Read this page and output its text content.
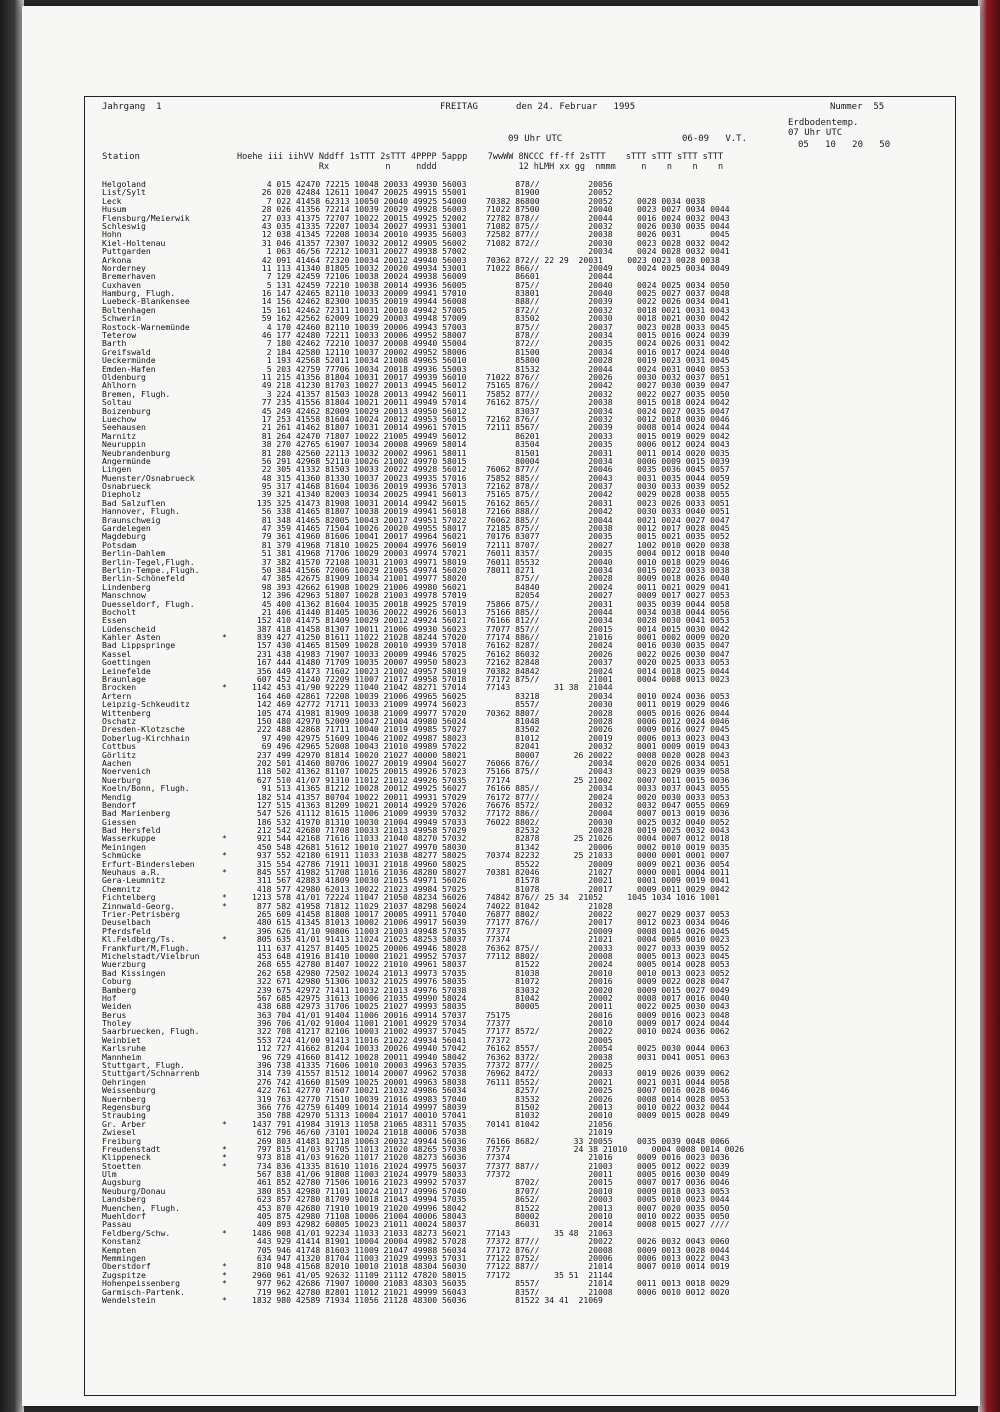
Jahrgang  1	FREITAG	den 24. Februar   1995	Nummer  55
Erdbodentemp.
07 Uhr UTC
09 Uhr UTC	06-09   V.T.
05   10   20   50
Station	Hoehe iii iihVV Nddff 1sTTT 2sTTT 4PPPP 5appp    7wwWW 8NCCC ff-ff 2sTTT    sTTT sTTT sTTT sTTT
Rx           n     nddd                12 hLMH xx gg  nmmm     n    n    n    n
Helgoland	4 015 42470 72215 10048 20033 49930 56003          878//          20056
List/Sylt	26 020 42484 12611 10047 20025 49915 55001          81900          20052
Leck	7 022 41458 62313 10050 20040 49925 54000    70382 86800          20052     0028 0034 0038
Husum	28 026 41356 72214 10039 20029 49928 56003    71022 87500          20040     0023 0027 0034 0044
Flensburg/Meierwik	27 033 41375 72707 10022 20015 49925 52002    72782 878//          20044     0016 0024 0032 0043
Schleswig	43 035 41335 72207 10034 20027 49931 53001    71082 875//          20032     0026 0030 0035 0044
Hohn	12 038 41345 72208 10034 20010 49935 56003    72582 877//          20038     0026 0031      0045
Kiel-Holtenau	31 046 41357 72307 10032 20012 49905 56002    71082 872//          20030     0023 0028 0032 0042
Puttgarden	1 063 46/56 72212 10031 20027 49938 57002                         20034     0024 0028 0032 0041
Arkona	42 091 41464 72320 10034 20012 49940 56003    70362 872// 22 29  20031     0023 0023 0028 0038
Norderney	11 113 41340 81805 10032 20020 49934 53001    71022 866//          20049     0024 0025 0034 0049
Bremerhaven	7 129 42459 72106 10038 20024 49938 56009          86601          20044
Cuxhaven	5 131 42459 72210 10038 20014 49936 56005          875//          20040     0024 0025 0034 0050
Hamburg, Flugh.	16 147 42465 82110 10033 20009 49941 57010          83801          20040     0025 0027 0037 0048
Luebeck-Blankensee	14 156 42462 82300 10035 20019 49944 56008          888//          20039     0022 0026 0034 0041
Boltenhagen	15 161 42462 72311 10031 20010 49942 57005          872//          20032     0018 0021 0031 0043
Schwerin	59 162 42562 62009 10029 20003 49948 57009          83502          20030     0018 0021 0030 0042
Rostock-Warnemünde	4 170 42460 82110 10039 20006 49943 57003          875//          20037     0023 0028 0033 0045
Teterow	46 177 42480 72211 10033 20006 49952 58007          878//          20034     0015 0016 0024 0039
Barth	7 180 42462 72210 10037 20008 49940 55004          872//          20035     0024 0026 0031 0042
Greifswald	2 184 42580 12110 10037 20002 49952 58006          81500          20034     0016 0017 0024 0040
Ueckermünde	1 193 42568 52011 10034 21008 49965 56010          85800          20028     0019 0023 0031 0045
Emden-Hafen	5 203 42759 77706 10034 20018 49936 55003          81532          20044     0024 0031 0040 0053
Oldenburg	11 215 41356 81804 10031 20017 49939 56010    71022 876//          20026     0030 0032 0037 0051
Ahlhorn	49 218 41230 81703 10027 20013 49945 56012    75165 876//          20042     0027 0030 0039 0047
Bremen, Flugh.	3 224 41357 81503 10028 20013 49942 56011    75852 877//          20032     0022 0027 0035 0050
Soltau	77 235 41556 81804 10021 20011 49949 57014    76162 875//          20038     0015 0018 0024 0042
Boizenburg	45 249 42462 82009 10029 20013 49950 56012          83037          20034     0024 0027 0035 0047
Luechow	17 253 41558 81604 10024 20012 49953 56015    72162 876//          20032     0012 0018 0030 0046
Seehausen	21 261 41462 81807 10031 20014 49961 57015    72111 8567/          20039     0008 0014 0024 0044
Marnitz	81 264 42470 71807 10022 21005 49949 56012          86201          20033     0015 0019 0029 0042
Neuruppin	38 270 42765 61907 10034 20008 49969 58014          83504          20035     0006 0012 0024 0043
Neubrandenburg	81 280 42560 22113 10032 20002 49961 58011          81501          20031     0011 0014 0020 0035
Angermünde	56 291 42968 52110 10026 21002 49970 58015          80004          20034     0006 0009 0015 0039
Lingen	22 305 41332 81503 10033 20022 49928 56012    76062 877//          20046     0035 0036 0045 0057
Muenster/Osnabrueck	48 315 41360 81330 10037 20023 49935 57016    75852 885//          20043     0031 0035 0044 0059
Osnabrueck	95 317 41468 81604 10036 20019 49936 57013    72162 878//          20037     0030 0033 0039 0052
Diepholz	39 321 41340 82003 10034 20025 49941 56013    75165 875//          20042     0029 0028 0038 0055
Bad Salzuflen	135 325 41473 81908 10031 20014 49942 56015    76162 865//          20031     0023 0026 0033 0051
Hannover, Flugh.	56 338 41465 81807 10038 20019 49941 56018    72166 888//          20042     0030 0033 0040 0051
Braunschweig	81 348 41465 82005 10043 20017 49951 57022    76062 885//          20044     0021 0024 0027 0047
Gardelegen	47 359 41465 71504 10026 20020 49955 58017    72185 875//          20038     0012 0017 0028 0045
Magdeburg	79 361 41960 81606 10041 20017 49964 56021    70176 83077          20035     0015 0021 0035 0052
Potsdam	81 379 41968 71810 10025 20004 49976 56019    72111 8707/          20027     1002 0010 0020 0038
Berlin-Dahlem	51 381 41968 71706 10029 20003 49974 57021    76011 8357/          20035     0004 0012 0018 0040
Berlin-Tegel,Flugh.	37 382 41570 72108 10031 21003 49971 58019    76011 85532          20040     0010 0018 0029 0046
Berlin-Tempe.,Flugh.	50 384 41566 72006 10029 21005 49974 56020    78011 8271           20034     0015 0022 0033 0038
Berlin-Schönefeld	47 385 42675 81909 10034 21001 49977 58020          875//          20028     0009 0018 0026 0040
Lindenberg	98 393 42662 61908 10029 21006 49980 56021          84840          20024     0011 0021 0029 0041
Manschnow	12 396 42963 51807 10028 21003 49978 57019          82054          20027     0009 0017 0027 0053
Duesseldorf, Flugh.	45 400 41362 81604 10035 20018 49925 57019    75866 875//          20031     0035 0039 0044 0058
Bocholt	21 406 41440 81405 10036 20022 49926 56013    75166 885//          20044     0034 0038 0044 0056
Essen	152 410 41475 81409 10029 20012 49924 56021    76166 812//          20034     0028 0030 0041 0053
Lüdenscheid	387 418 41458 81307 10011 21006 49930 56023    77077 857//          20015     0014 0015 0030 0042
Kahler Asten	*	839 427 41250 81611 11022 21028 48244 57020    77174 886//          21016     0001 0002 0009 0020
Bad Lippspringe	157 430 41465 81509 10028 20010 49939 57018    76162 8287/          20024     0016 0030 0035 0047
Kassel	231 438 41983 71907 10033 20009 49946 57025    76162 86032          20026     0022 0026 0030 0047
Goettingen	167 444 41480 71709 10035 20007 49950 58023    72162 82848          20037     0020 0025 0033 0053
Leinefelde	356 449 41473 71602 10023 21002 49957 58019    70382 84842          20024     0014 0018 0025 0044
Braunlage	607 452 41240 72209 11007 21017 49958 57018    77172 875//          21001     0004 0008 0013 0023
Brocken	*	1142 453 41/90 92229 11040 21042 48271 57014    77143         31 38  21044
Artern	164 460 42861 72208 10039 21006 49965 56025          83218          20034     0010 0024 0036 0053
Leipzig-Schkeuditz	142 469 42772 71711 10033 21009 49974 56023          8557/          20030     0011 0019 0029 0046
Wittenberg	105 474 41981 81909 10038 21009 49977 57020    70362 8807/          20028     0005 0016 0026 0044
Oschatz	150 480 42970 52009 10047 21004 49980 56024          81048          20028     0006 0012 0024 0046
Dresden-Klotzsche	222 488 42868 71711 10040 21019 49985 57027          83502          20026     0009 0016 0027 0045
Doberlug-Kirchhain	97 490 42975 51609 10046 21002 49987 58023          81012          20019     0006 0013 0023 0043
Cottbus	69 496 42965 52008 10043 21010 49989 57022          82041          20032     0001 0009 0019 0043
Görlitz	237 499 42970 81814 10020 21027 40000 58021          80007       26 20022     0008 0020 0028 0043
Aachen	202 501 41460 80706 10027 20019 49904 56027    76066 876//          20034     0020 0026 0034 0051
Noervenich	118 502 41362 81107 10025 20015 49926 57023    75166 875//          20043     0023 0029 0039 0058
Nuerburg	627 510 41/07 91310 11012 21012 49926 57035    77174             25 21002     0007 0011 0015 0036
Koeln/Bonn, Flugh.	91 513 41365 81212 10028 20012 49925 56027    76166 885//          20034     0033 0037 0043 0055
Mendig	182 514 41357 80704 10022 20011 49931 57029    76172 877//          20024     0020 0030 0033 0053
Bendorf	127 515 41363 81209 10021 20014 49929 57026    76676 8572/          20032     0032 0047 0055 0069
Bad Marienberg	547 526 41112 81615 11006 21009 49939 57032    77172 886//          20004     0007 0013 0019 0036
Giessen	186 532 41970 81310 10030 21004 49949 57033    76022 8802/          20030     0025 0032 0040 0052
Bad Hersfeld	212 542 42680 71708 10033 21013 49958 57029          82532          20028     0019 0025 0032 0043
Wasserkuppe	*	921 544 42168 71616 11033 21040 48270 57032          82878       25 21026     0004 0007 0012 0018
Meiningen	450 548 42681 51612 10010 21027 49970 58030          81342          20006     0002 0010 0019 0035
Schmücke	*	937 552 42180 61911 11033 21038 48277 58025    70374 82232       25 21033     0000 0001 0001 0007
Erfurt-Bindersleben	315 554 42786 71911 10031 21018 49960 58025          85522          20009     0009 0021 0036 0054
Neuhaus a.R.	*	845 557 41982 51708 11016 21036 48280 58027    70381 82046          21027     0000 0001 0004 0011
Gera-Leumnitz	311 567 42883 41809 10030 21015 49971 56026          81578          20021     0001 0009 0019 0041
Chemnitz	418 577 42980 62013 10022 21023 49984 57025          81078          20017     0009 0011 0029 0042
Fichtelberg	*	1213 578 41/01 72224 11047 21050 48234 56026    74842 876// 25 34  21052     1045 1034 1016 1001
Zinnwald-Georg.	*	877 582 41958 71812 11029 21037 48298 56024    74022 81042          21028
Trier-Petrisberg	265 609 41458 81808 10017 20005 49911 57040    76877 8802/          20022     0027 0029 0037 0053
Deuselbach	480 615 41345 81013 10002 21006 49917 56039    77177 876//          20017     0012 0023 0034 0046
Pferdsfeld	396 626 41/10 90806 11003 21003 49948 57035    77377                20009     0008 0014 0026 0045
Kl.Feldberg/Ts.	*	805 635 41/01 91413 11024 21025 48253 58037    77374                21021     0004 0005 0010 0023
Frankfurt/M,Flugh.	111 637 41257 81405 10025 20006 49946 58028    76362 875//          20033     0027 0033 0039 0052
Michelstadt/Vielbrun	453 648 41916 81410 10000 21021 49952 57037    77112 8802/          20008     0005 0013 0023 0045
Wuerzburg	268 655 42780 81407 10022 21010 49961 58037          81522          20024     0005 0014 0028 0053
Bad Kissingen	262 658 42980 72502 10024 21013 49973 57035          81038          20010     0010 0013 0023 0052
Coburg	322 671 42980 51306 10032 21025 49976 58035          81072          20016     0009 0022 0028 0047
Bamberg	239 675 42972 71411 10032 21013 49976 57038          83032          20020     0009 0015 0027 0049
Hof	567 685 42975 31613 10006 21035 49990 58024          81042          20002     0008 0017 0016 0040
Weiden	438 688 42973 31706 10025 21027 49993 58035          80005          20011     0022 0025 0030 0043
Berus	363 704 41/01 91404 11006 20016 49914 57037    75175                20016     0009 0016 0023 0048
Tholey	396 706 41/02 91004 11001 21001 49929 57034    77377                20010     0009 0017 0024 0044
Saarbruecken, Flugh.	322 708 41217 82106 10003 21002 49937 57045    77177 8572/          20022     0010 0024 0036 0062
Weinbiet	553 724 41/00 91413 11016 21022 49934 56041    77372                20005
Karlsruhe	112 727 41662 81204 10033 20026 49940 57042    76162 8557/          20054     0025 0030 0044 0063
Mannheim	96 729 41660 81412 10028 20011 49940 58042    76362 8372/          20038     0031 0041 0051 0063
Stuttgart, Flugh.	396 738 41335 71606 10010 20003 49963 57035    77372 877//          20025
Stuttgart/Schnarrenb	314 739 41557 81512 10014 20007 49962 57038    76962 8472/          20033     0019 0026 0039 0062
Oehringen	276 742 41660 81509 10025 20001 49963 58038    76111 8552/          20021     0021 0031 0044 0058
Weissenburg	422 761 42770 71607 10021 21032 49986 56034          8257/          20025     0007 0016 0028 0046
Nuernberg	319 763 42770 71510 10039 21016 49983 57040          83532          20026     0008 0014 0028 0053
Regensburg	366 776 42759 61409 10014 21014 49997 58039          81502          20013     0010 0022 0032 0044
Straubing	350 788 42970 51313 10004 21017 40010 57041          81032          20010     0009 0015 0028 0049
Gr. Arber	*	1437 791 41984 31913 11058 21065 48311 57035    70141 81042          21056
Zwiesel	612 796 46/60 /3101 10024 21018 40006 57038                         21019
Freiburg	269 803 41481 82118 10063 20032 49944 56036    76166 8682/       33 20055     0035 0039 0048 0066
Freudenstadt	*	797 815 41/03 91705 11013 21020 48265 57038    77577             24 38 21010     0004 0008 0014 0026
Klippeneck	*	973 818 41/03 91620 11017 21020 48273 56036    77374                21016     0009 0016 0023 0036
Stoetten	*	734 836 41335 81610 11016 21024 49975 56037    77377 887//          21003     0005 0012 0022 0039
Ulm	567 838 41/06 91808 11003 21024 49979 58033    77372                20011     0005 0016 0030 0049
Augsburg	461 852 42780 71506 10016 21023 49992 57037          8702/          20015     0007 0017 0036 0046
Neuburg/Donau	380 853 42980 71101 10024 21017 49996 57040          8707/          20010     0009 0018 0033 0053
Landsberg	623 857 42780 81709 10018 21043 49994 57035          8652/          20003     0005 0010 0023 0044
Muenchen, Flugh.	453 870 42680 71910 10019 21020 49996 58042          81522          20013     0007 0020 0035 0050
Muehldorf	405 875 42980 71108 10006 21004 40006 58043          80002          20010     0010 0022 0035 0050
Passau	409 893 42982 60805 10023 21011 40024 58037          86031          20014     0008 0015 0027 ////
Feldberg/Schw.	*	1486 908 41/01 92234 11033 21033 48273 56021    77143         35 48  21063
Konstanz	443 929 41414 81901 10004 20004 49982 57028    77372 877//          20022     0026 0032 0043 0060
Kempten	705 946 41748 81603 11009 21047 49988 56034    77172 876//          20008     0009 0013 0028 0044
Memmingen	634 947 41320 81704 11003 21029 49993 57031    77122 8752/          20006     0006 0013 0022 0043
Oberstdorf	*	810 948 41568 82010 10010 21018 48304 56030    77122 887//          21014     0007 0010 0014 0019
Zugspitze	*	2960 961 41/05 92632 11109 21112 47820 58015    77172         35 51  21144
Hohenpeissenberg	*	977 962 42686 71907 10000 21083 48303 56035          8557/          21014     0011 0013 0018 0029
Garmisch-Partenk.	719 962 42780 82801 11012 21021 49999 56043          8357/          21008     0006 0010 0012 0020
Wendelstein	*	1832 980 42589 71934 11056 21128 48300 56036          81522 34 41  21069
